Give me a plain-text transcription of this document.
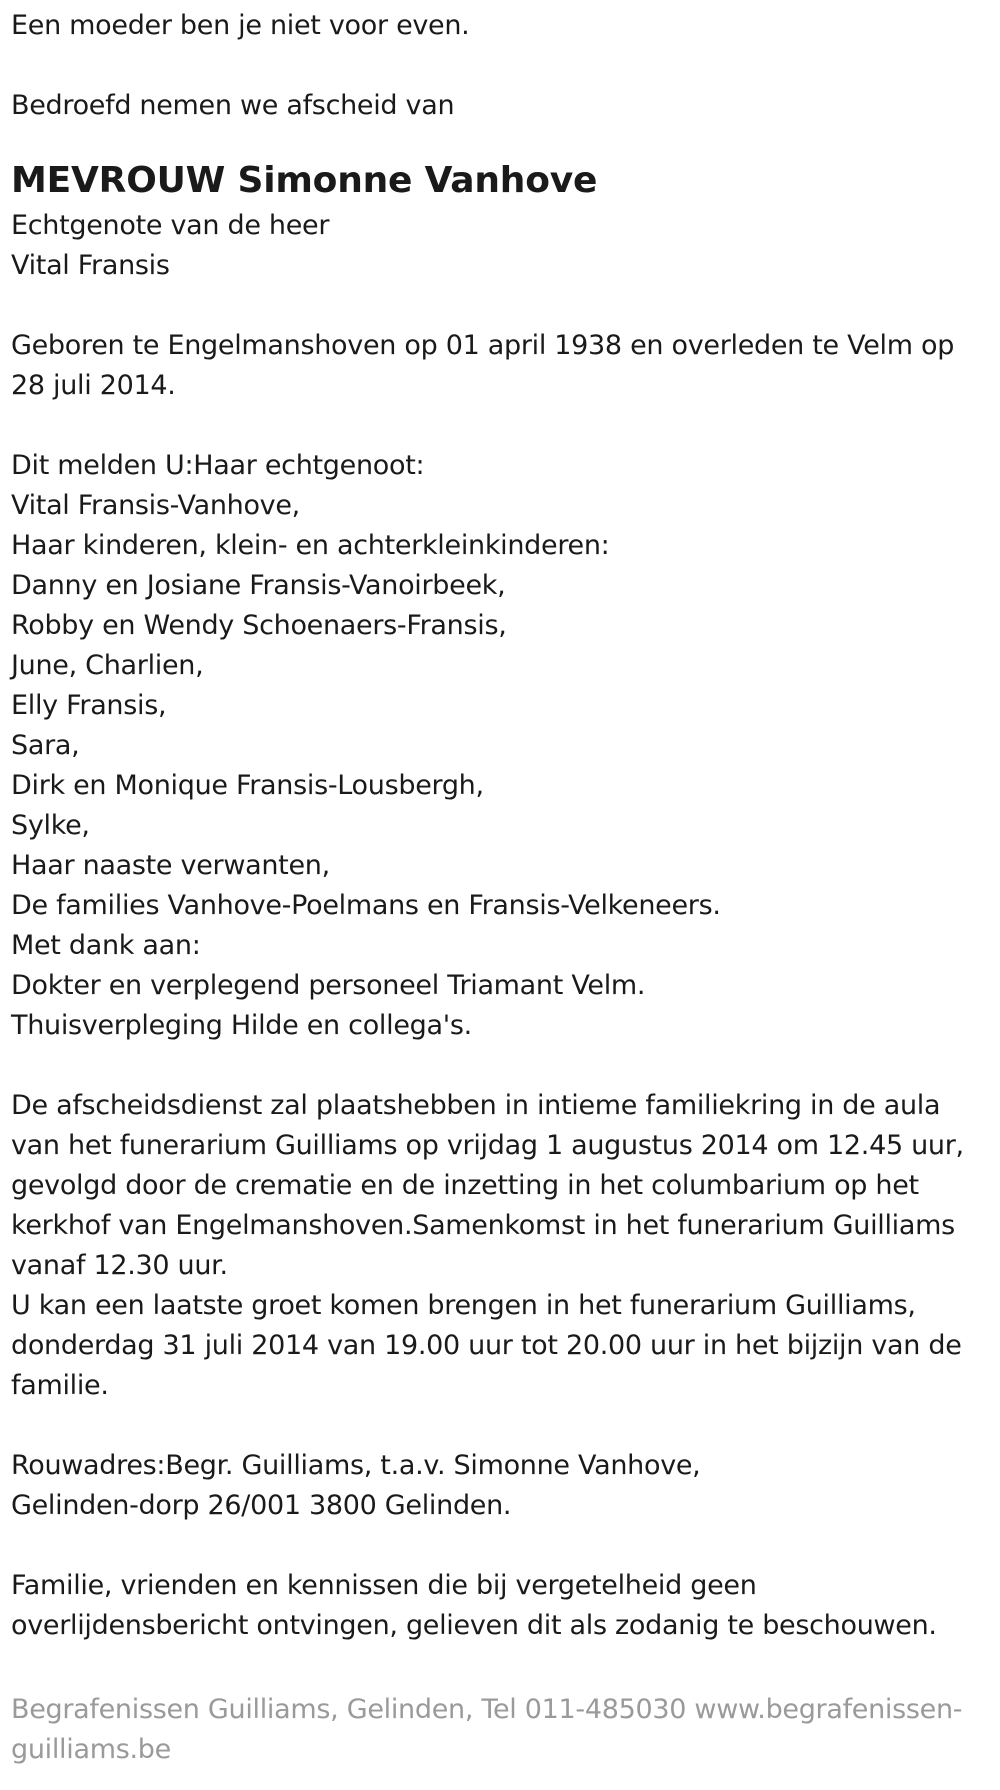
Een moeder ben je niet voor even.
Bedroefd nemen we afscheid van
MEVROUW Simonne Vanhove
Echtgenote van de heer
Vital Fransis
Geboren te Engelmanshoven op 01 april 1938 en overleden te Velm op 28 juli 2014.
Dit melden U:Haar echtgenoot:
Vital Fransis-Vanhove,
Haar kinderen, klein- en achterkleinkinderen:
Danny en Josiane Fransis-Vanoirbeek,
Robby en Wendy Schoenaers-Fransis,
June, Charlien,
Elly Fransis,
Sara,
Dirk en Monique Fransis-Lousbergh,
Sylke,
Haar naaste verwanten,
De families Vanhove-Poelmans en Fransis-Velkeneers.
Met dank aan:
Dokter en verplegend personeel Triamant Velm.
Thuisverpleging Hilde en collega's.
De afscheidsdienst zal plaatshebben in intieme familiekring in de aula van het funerarium Guilliams op vrijdag 1 augustus 2014 om 12.45 uur, gevolgd door de crematie en de inzetting in het columbarium op het kerkhof van Engelmanshoven.Samenkomst in het funerarium Guilliams vanaf 12.30 uur.
U kan een laatste groet komen brengen in het funerarium Guilliams, donderdag 31 juli 2014 van 19.00 uur tot 20.00 uur in het bijzijn van de familie.
Rouwadres:Begr. Guilliams, t.a.v. Simonne Vanhove,
Gelinden-dorp 26/001 3800 Gelinden.
Familie, vrienden en kennissen die bij vergetelheid geen overlijdensbericht ontvingen, gelieven dit als zodanig te beschouwen.
Begrafenissen Guilliams, Gelinden, Tel 011-485030 www.begrafenissen-guilliams.be
